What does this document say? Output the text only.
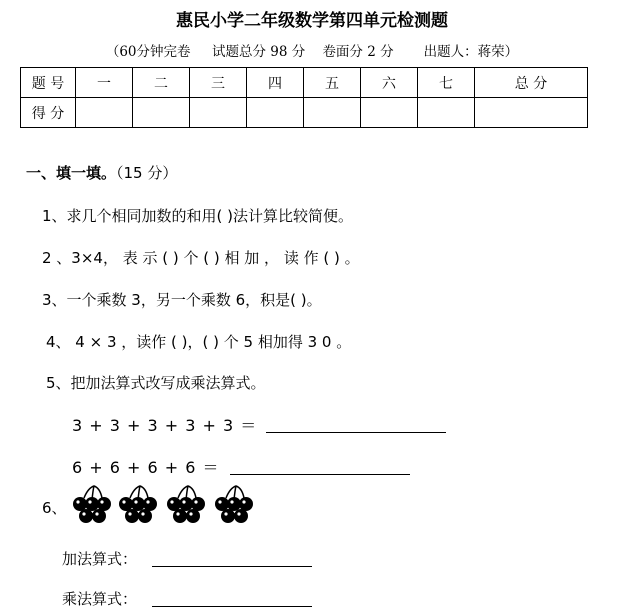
惠民小学二年级数学第四单元检测题
（60分钟完卷 试题总分 98 分 卷面分 2 分 出题人：蒋荣）
题 号	一	二	三	四	五	六	七	总 分
得 分								
一、填一填。（15 分）
1、求几个相同加数的和用( )法计算比较简便。
2 、3×4， 表 示 ( ) 个 ( ) 相 加 ， 读 作 ( ) 。
3、一个乘数 3，另一个乘数 6，积是( )。
4、 4 × 3 ，读作 ( )，( ) 个 5 相加得 3 0 。
5、把加法算式改写成乘法算式。
3 + 3 + 3 + 3 + 3 ＝
6 + 6 + 6 + 6 ＝
6、
加法算式：
乘法算式：
